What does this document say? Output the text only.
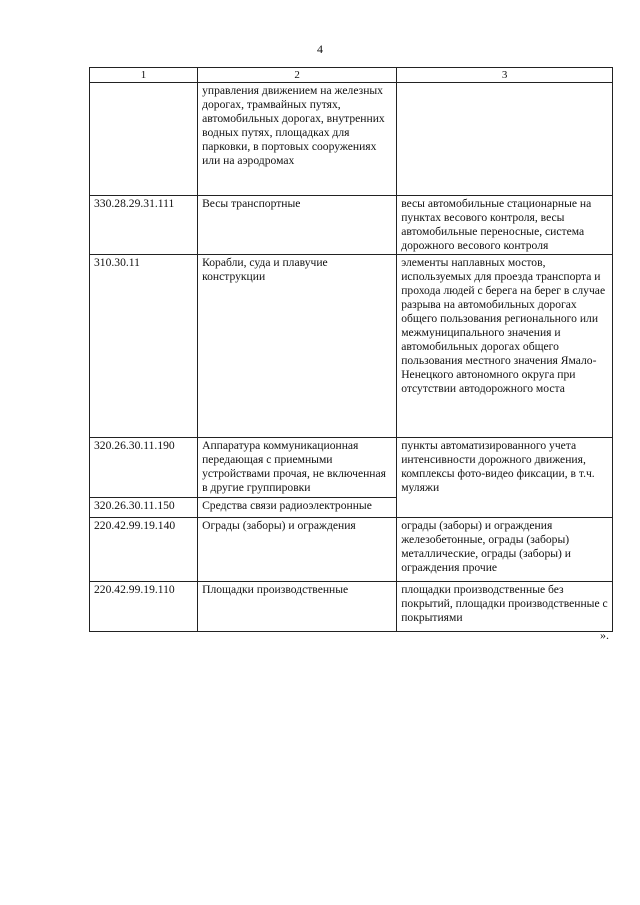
4
1	2	3
	управления движением на железных дорогах, трамвайных путях, автомобильных дорогах, внутренних водных путях, площадках для парковки, в портовых сооружениях или на аэродромах	
330.28.29.31.111	Весы транспортные	весы автомобильные стационарные на пунктах весового контроля, весы автомобильные переносные, система дорожного весового контроля
310.30.11	Корабли, суда и плавучие конструкции	элементы наплавных мостов, используемых для проезда транспорта и прохода людей с берега на берег в случае разрыва на автомобильных дорогах общего пользования регионального или межмуниципального значения и автомобильных дорогах общего пользования местного значения Ямало-Ненецкого автономного округа при отсутствии автодорожного моста
320.26.30.11.190	Аппаратура коммуникационная передающая с приемными устройствами прочая, не включенная в другие группировки	пункты автоматизированного учета интенсивности дорожного движения, комплексы фото-видео фиксации, в т.ч. муляжи
320.26.30.11.150	Средства связи радиоэлектронные	
220.42.99.19.140	Ограды (заборы) и ограждения	ограды (заборы) и ограждения железобетонные, ограды (заборы) металлические, ограды (заборы) и ограждения прочие
220.42.99.19.110	Площадки производственные	площадки производственные без покрытий, площадки производственные с покрытиями
».
